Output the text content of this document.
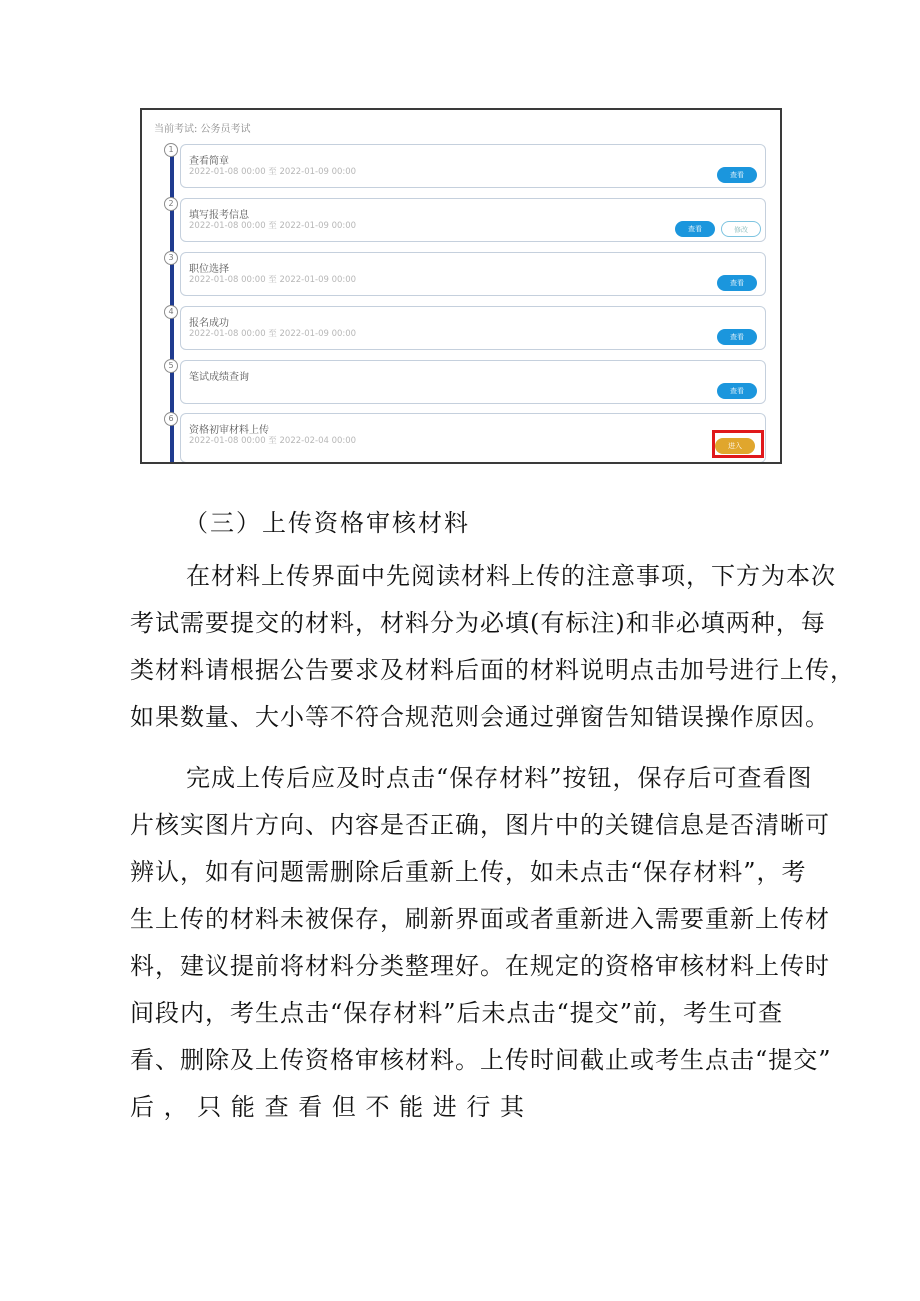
当前考试: 公务员考试
1
查看简章
2022-01-08 00:00 至 2022-01-09 00:00	查看
2
填写报考信息
2022-01-08 00:00 至 2022-01-09 00:00	查看	修改
3
职位选择
2022-01-08 00:00 至 2022-01-09 00:00	查看
4
报名成功
2022-01-08 00:00 至 2022-01-09 00:00	查看
5
笔试成绩查询
查看
6
资格初审材料上传
2022-01-08 00:00 至 2022-02-04 00:00	进入
（三）上传资格审核材料

在材料上传界面中先阅读材料上传的注意事项，下方为本次
考试需要提交的材料，材料分为必填(有标注)和非必填两种，每
类材料请根据公告要求及材料后面的材料说明点击加号进行上传，
如果数量、大小等不符合规范则会通过弹窗告知错误操作原因。

完成上传后应及时点击“保存材料”按钮，保存后可查看图
片核实图片方向、内容是否正确，图片中的关键信息是否清晰可
辨认，如有问题需删除后重新上传，如未点击“保存材料”，考
生上传的材料未被保存，刷新界面或者重新进入需要重新上传材
料，建议提前将材料分类整理好。在规定的资格审核材料上传时
间段内，考生点击“保存材料”后未点击“提交”前，考生可查
看、删除及上传资格审核材料。上传时间截止或考生点击“提交”
后 ， 只 能 查 看 但 不 能 进 行 其
